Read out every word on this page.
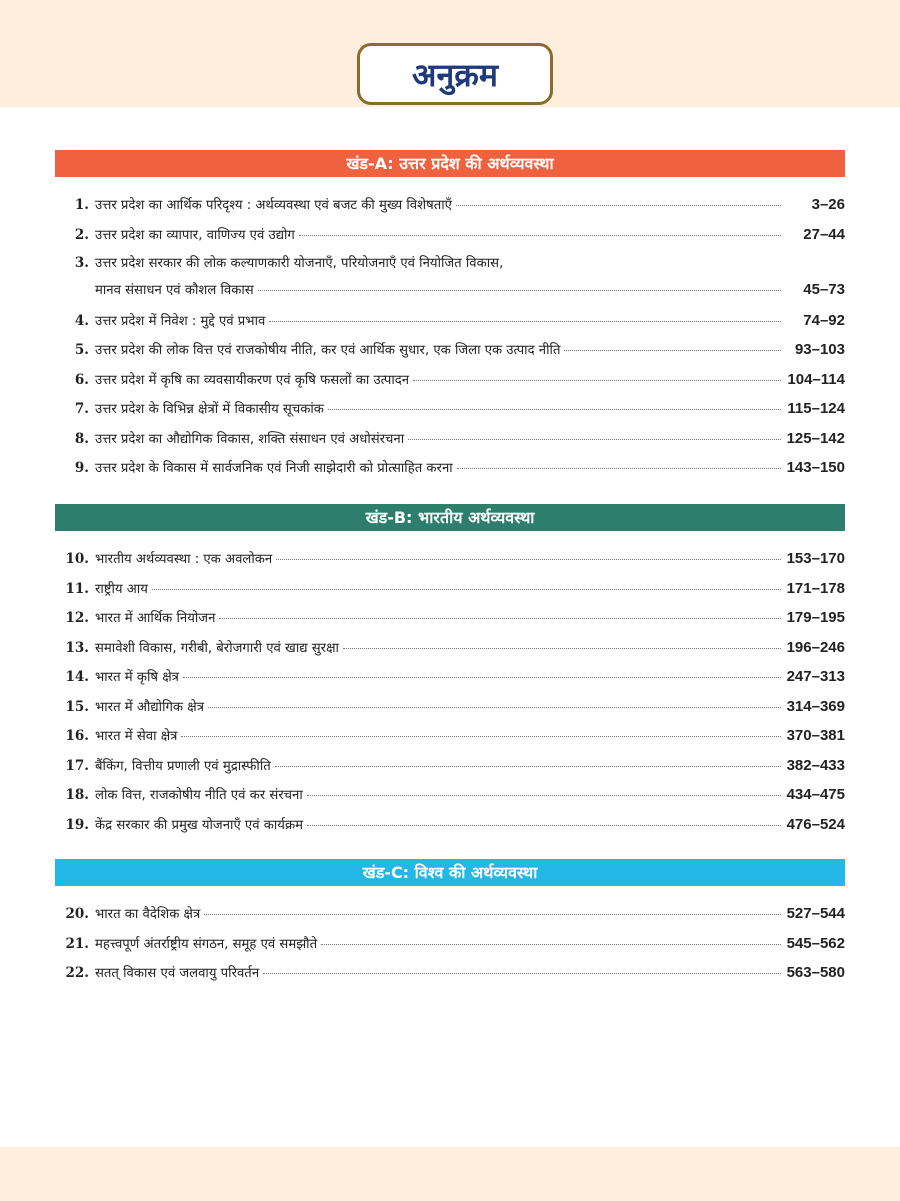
अनुक्रम
खंड-A: उत्तर प्रदेश की अर्थव्यवस्था
1. उत्तर प्रदेश का आर्थिक परिदृश्य : अर्थव्यवस्था एवं बजट की मुख्य विशेषताएँ	3–26
2. उत्तर प्रदेश का व्यापार, वाणिज्य एवं उद्योग	27–44
3. उत्तर प्रदेश सरकार की लोक कल्याणकारी योजनाएँ, परियोजनाएँ एवं नियोजित विकास,
मानव संसाधन एवं कौशल विकास	45–73
4. उत्तर प्रदेश में निवेश : मुद्दे एवं प्रभाव	74–92
5. उत्तर प्रदेश की लोक वित्त एवं राजकोषीय नीति, कर एवं आर्थिक सुधार, एक जिला एक उत्पाद नीति	93–103
6. उत्तर प्रदेश में कृषि का व्यवसायीकरण एवं कृषि फसलों का उत्पादन	104–114
7. उत्तर प्रदेश के विभिन्न क्षेत्रों में विकासीय सूचकांक	115–124
8. उत्तर प्रदेश का औद्योगिक विकास, शक्ति संसाधन एवं अधोसंरचना	125–142
9. उत्तर प्रदेश के विकास में सार्वजनिक एवं निजी साझेदारी को प्रोत्साहित करना	143–150
खंड-B: भारतीय अर्थव्यवस्था
10. भारतीय अर्थव्यवस्था : एक अवलोकन	153–170
11. राष्ट्रीय आय	171–178
12. भारत में आर्थिक नियोजन	179–195
13. समावेशी विकास, गरीबी, बेरोजगारी एवं खाद्य सुरक्षा	196–246
14. भारत में कृषि क्षेत्र	247–313
15. भारत में औद्योगिक क्षेत्र	314–369
16. भारत में सेवा क्षेत्र	370–381
17. बैंकिंग, वित्तीय प्रणाली एवं मुद्रास्फीति	382–433
18. लोक वित्त, राजकोषीय नीति एवं कर संरचना	434–475
19. केंद्र सरकार की प्रमुख योजनाएँ एवं कार्यक्रम	476–524
खंड-C: विश्व की अर्थव्यवस्था
20. भारत का वैदेशिक क्षेत्र	527–544
21. महत्त्वपूर्ण अंतर्राष्ट्रीय संगठन, समूह एवं समझौते	545–562
22. सतत् विकास एवं जलवायु परिवर्तन	563–580
